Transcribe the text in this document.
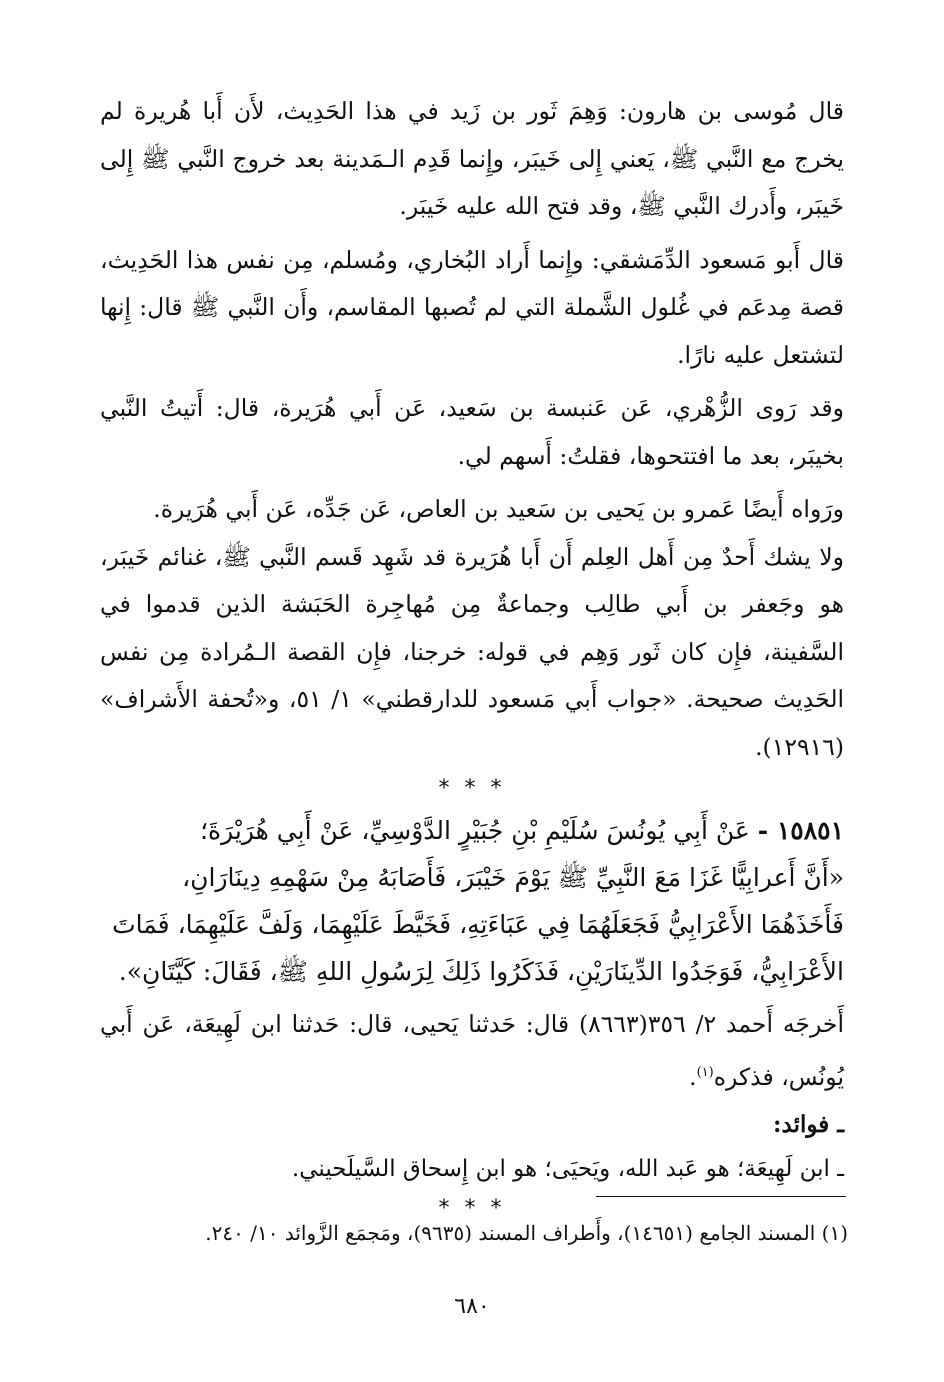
قال مُوسى بن هارون: وَهِمَ ثَور بن زَيد في هذا الحَدِيث، لأَن أَبا هُريرة لم يخرج مع النَّبي ﷺ، يَعني إِلى خَيبَر، وإِنما قَدِم الـمَدينة بعد خروج النَّبي ﷺ إِلى خَيبَر، وأَدرك النَّبي ﷺ، وقد فتح الله عليه خَيبَر.

قال أَبو مَسعود الدِّمَشقي: وإِنما أَراد البُخاري، ومُسلم، مِن نفس هذا الحَدِيث، قصة مِدعَم في غُلول الشَّملة التي لم تُصبها المقاسم، وأَن النَّبي ﷺ قال: إِنها لتشتعل عليه نارًا.

وقد رَوى الزُّهْري، عَن عَنبسة بن سَعيد، عَن أَبي هُرَيرة، قال: أَتيتُ النَّبي بخيبَر، بعد ما افتتحوها، فقلتُ: أَسهم لي.

ورَواه أَيضًا عَمرو بن يَحيى بن سَعيد بن العاص، عَن جَدِّه، عَن أَبي هُرَيرة.

ولا يشك أَحدٌ مِن أَهل العِلم أَن أَبا هُرَيرة قد شَهِد قَسم النَّبي ﷺ، غنائم خَيبَر، هو وجَعفر بن أَبي طالِب وجماعةٌ مِن مُهاجِرة الحَبَشة الذين قدموا في السَّفينة، فإِن كان ثَور وَهِم في قوله: خرجنا، فإِن القصة الـمُرادة مِن نفس الحَدِيث صحيحة. «جواب أَبي مَسعود للدارقطني» ١/ ٥١، و«تُحفة الأَشراف» (١٢٩١٦).

* * *

١٥٨٥١ - عَنْ أَبِي يُونُسَ سُلَيْمِ بْنِ جُبَيْرٍ الدَّوْسِيِّ، عَنْ أَبِي هُرَيْرَةَ؛

«أَنَّ أَعرابِيًّا غَزَا مَعَ النَّبِيِّ ﷺ يَوْمَ خَيْبَرَ، فَأَصَابَهُ مِنْ سَهْمِهِ دِينَارَانِ، فَأَخَذَهُمَا الأَعْرَابِيُّ فَجَعَلَهُمَا فِي عَبَاءَتِهِ، فَخَيَّطَ عَلَيْهِمَا، وَلَفَّ عَلَيْهِمَا، فَمَاتَ الأَعْرَابِيُّ، فَوَجَدُوا الدِّينَارَيْنِ، فَذَكَرُوا ذَلِكَ لِرَسُولِ اللهِ ﷺ، فَقَالَ: كَيَّتَانِ».

أَخرجَه أَحمد ٢/ ٣٥٦(٨٦٦٣) قال: حَدثنا يَحيى، قال: حَدثنا ابن لَهِيعَة، عَن أَبي يُونُس، فذكره$^{(١)}$.

ـ فوائد:

ـ ابن لَهِيعَة؛ هو عَبد الله، ويَحيَى؛ هو ابن إِسحاق السَّيلَحيني.

* * *

(١) المسند الجامع (١٤٦٥١)، وأَطراف المسند (٩٦٣٥)، ومَجمَع الزَّوائد ١٠/ ٢٤٠.

٦٨٠
